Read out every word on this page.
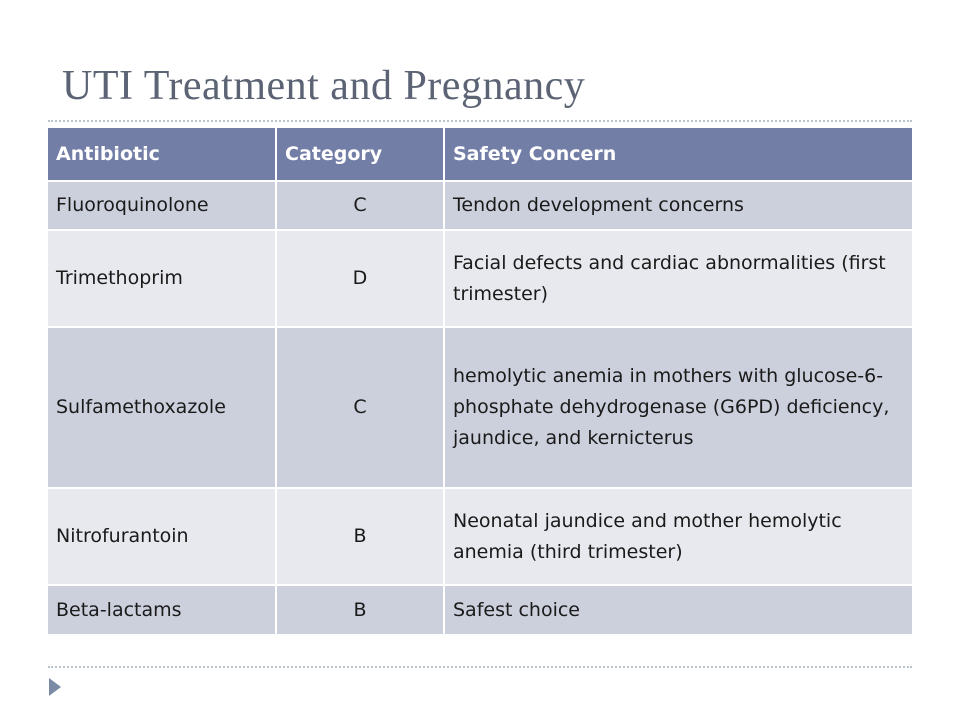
UTI Treatment and Pregnancy
Antibiotic	Category	Safety Concern
Fluoroquinolone	C	Tendon development concerns
Trimethoprim	D	Facial defects and cardiac abnormalities (first trimester)
Sulfamethoxazole	C	hemolytic anemia in mothers with glucose-6-phosphate dehydrogenase (G6PD) deficiency, jaundice, and kernicterus
Nitrofurantoin	B	Neonatal jaundice and mother hemolytic anemia (third trimester)
Beta-lactams	B	Safest choice
